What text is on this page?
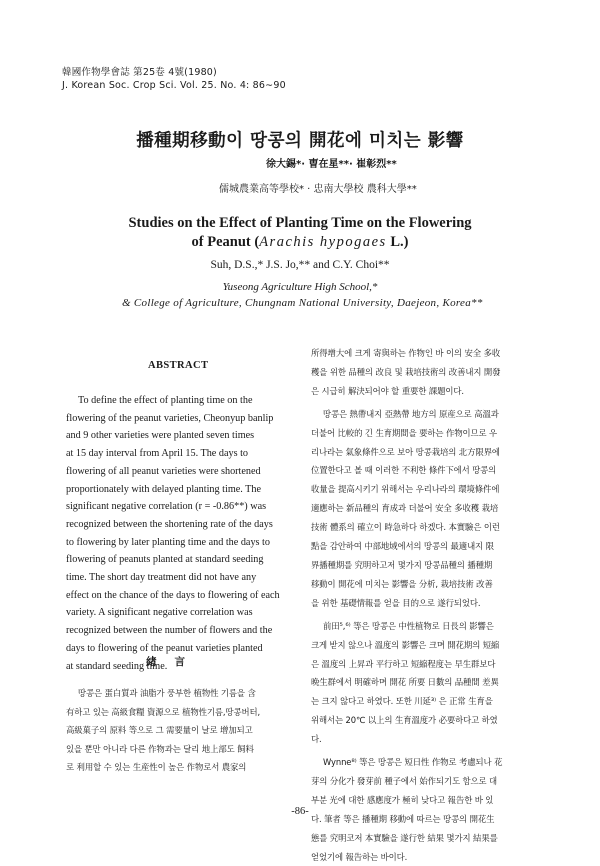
韓國作物學會誌 第25卷 4號(1980)
J. Korean Soc. Crop Sci. Vol. 25. No. 4: 86∼90
播種期移動이 땅콩의 開花에 미치는 影響
徐大錫*· 曺在星**· 崔彰烈**
儒城農業高等學校* · 忠南大學校 農科大學**
Studies on the Effect of Planting Time on the Flowering
of Peanut (Arachis hypogaes L.)
Suh, D.S.,* J.S. Jo,** and C.Y. Choi**
Yuseong Agriculture High School,*
& College of Agriculture, Chungnam National University, Daejeon, Korea**
ABSTRACT
To define the effect of planting time on the
flowering of the peanut varieties, Cheonyup banlip
and 9 other varieties were planted seven times
at 15 day interval from April 15. The days to
flowering of all peanut varieties were shortened
proportionately with delayed planting time. The
significant negative correlation (r = -0.86**) was
recognized between the shortening rate of the days
to flowering by later planting time and the days to
flowering of peanuts planted at standard seeding
time. The short day treatment did not have any
effect on the chance of the days to flowering of each
variety. A significant negative correlation was
recognized between the number of flowers and the
days to flowering of the peanut varieties planted
at standard seeding time.
緖言
땅콩은 蛋白質과 油脂가 풍부한 植物性 기름을 含
有하고 있는 高級食糧 資源으로 植物性기름,땅콩버터,
高級菓子의 原料 等으로 그 需要量이 날로 增加되고
있을 뿐만 아니라 다른 作物과는 달리 地上部도 飼料
로 利用할 수 있는 生産性이 높은 作物로서 農家의
所得增大에 크게 寄與하는 作物인 바 이의 安全 多收
穫을 위한 品種의 改良 및 栽培技術의 改善내지 開發
은 시급히 解決되어야 할 重要한 課題이다.
땅콩은 熱帶내지 亞熱帶 地方의 原産으로 高溫과
더불어 比較的 긴 生育期間을 要하는 作物이므로 우
리나라는 氣象條件으로 보아 땅콩栽培의 北方限界에
位置한다고 볼 때 이러한 不利한 條件下에서 땅콩의
收量을 提高시키기 위해서는 우리나라의 環境條件에
適應하는 新品種의 育成과 더불어 安全 多收穫 栽培
技術 體系의 確立이 時急하다 하겠다. 本實驗은 이런
點을 감안하여 中部地域에서의 땅콩의 最適내지 限
界播種期를 究明하고저 몇가지 땅콩品種의 播種期
移動이 開花에 미치는 影響을 分析, 栽培技術 改善
을 위한 基礎情報를 얻을 目的으로 遂行되었다.
前田⁵,⁶⁾ 等은 땅콩은 中性植物로 日長의 影響은
크게 받지 않으나 溫度의 影響은 크며 開花期의 短縮
은 溫度의 上昇과 平行하고 短縮程度는 早生群보다
晩生群에서 明確하며 開花 所要 日數의 品種間 差異
는 크지 않다고 하였다. 또한 川延³⁾ 은 正常 生育을
위해서는 20℃ 以上의 生育溫度가 必要하다고 하였
다.
Wynne⁸⁾ 等은 땅콩은 短日性 作物로 考慮되나 花
芽의 分化가 發芽前 種子에서 始作되기도 함으로 대
부분 光에 대한 感應度가 極히 낮다고 報告한 바 있
다. 筆者 等은 播種期 移動에 따르는 땅콩의 開花生
態를 究明코저 本實驗을 遂行한 結果 몇가지 結果를
얻었기에 報告하는 바이다.
-86-
